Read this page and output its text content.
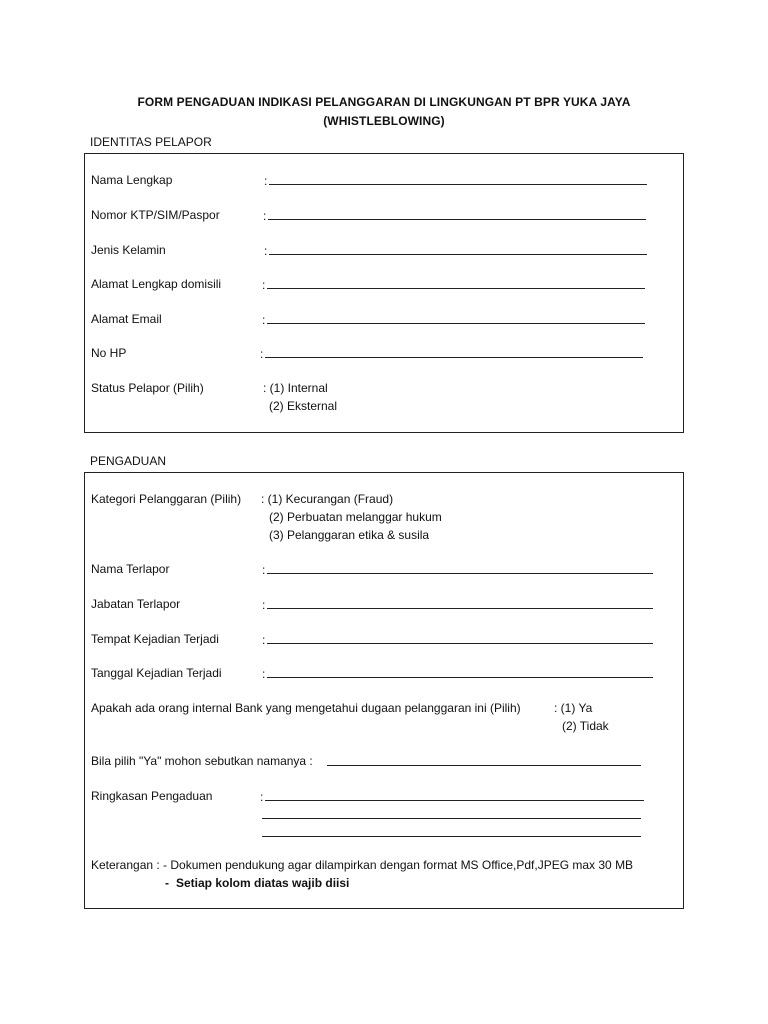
FORM PENGADUAN INDIKASI PELANGGARAN DI LINGKUNGAN PT BPR YUKA JAYA
(WHISTLEBLOWING)
IDENTITAS PELAPOR
Nama Lengkap	:
Nomor KTP/SIM/Paspor	:
Jenis Kelamin	:
Alamat Lengkap domisili	:
Alamat Email	:
No HP	:
Status Pelapor (Pilih)	: (1) Internal
(2) Eksternal
PENGADUAN
Kategori Pelanggaran (Pilih) : (1) Kecurangan (Fraud)
(2) Perbuatan melanggar hukum
(3) Pelanggaran etika & susila
Nama Terlapor	:
Jabatan Terlapor	:
Tempat Kejadian Terjadi	:
Tanggal Kejadian Terjadi	:
Apakah ada orang internal Bank yang mengetahui dugaan pelanggaran ini (Pilih)	: (1) Ya
(2) Tidak
Bila pilih "Ya" mohon sebutkan namanya :
Ringkasan Pengaduan	:
Keterangan : - Dokumen pendukung agar dilampirkan dengan format MS Office,Pdf,JPEG max 30 MB
- Setiap kolom diatas wajib diisi
